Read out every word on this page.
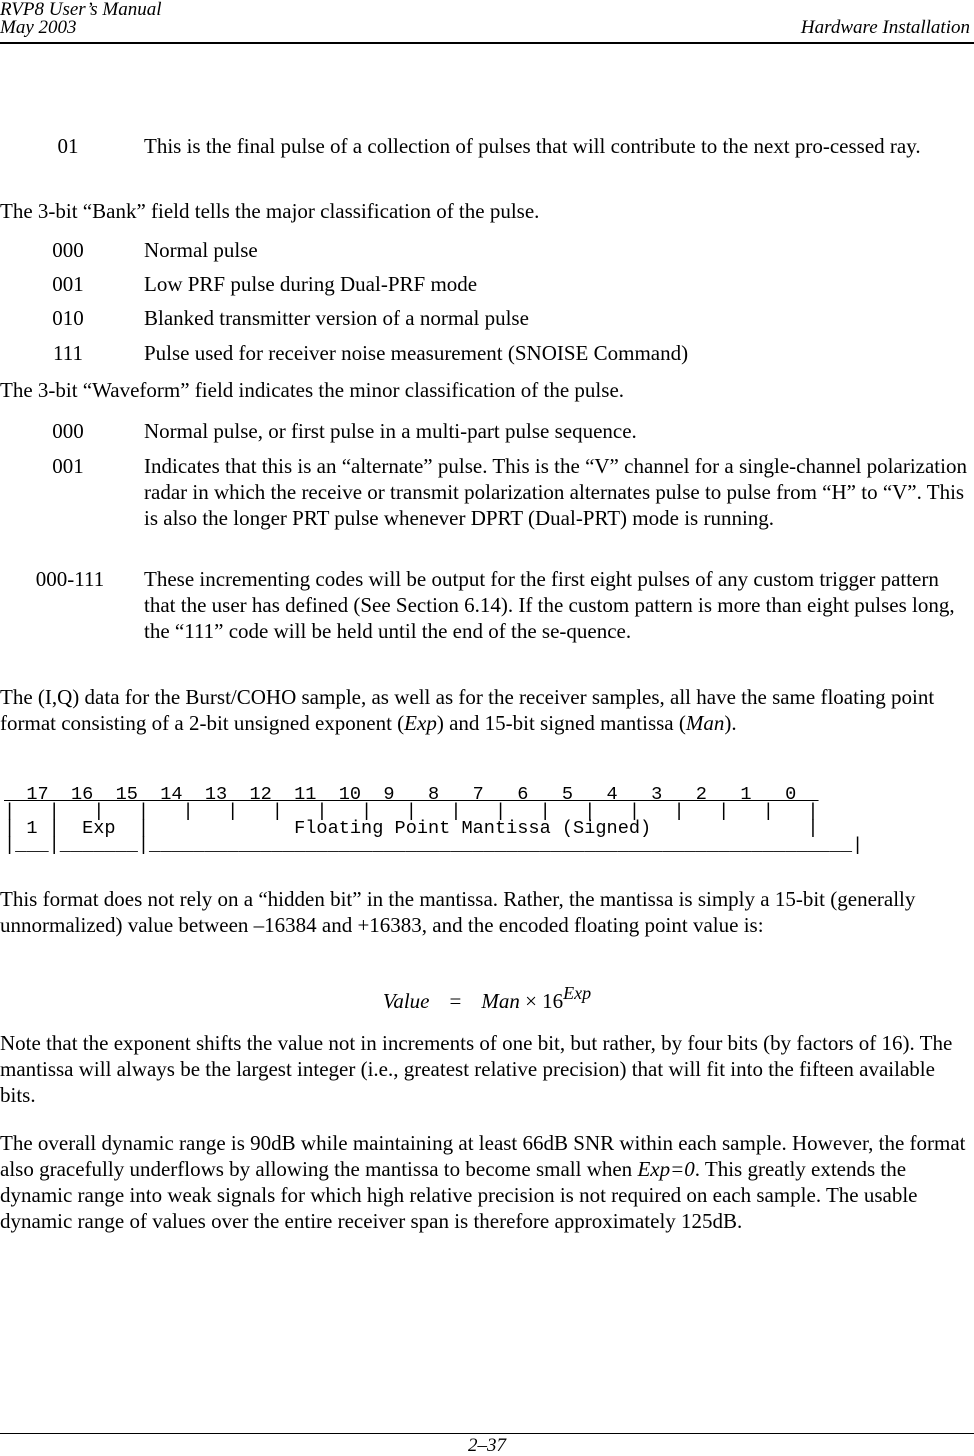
RVP8 User’s Manual
May 2003	Hardware Installation
01	This is the final pulse of a collection of pulses that will contribute to the next pro-cessed ray.
The 3-bit “Bank” field tells the major classification of the pulse.
000	Normal pulse
001	Low PRF pulse during Dual-PRF mode
010	Blanked transmitter version of a normal pulse
111	Pulse used for receiver noise measurement (SNOISE Command)
The 3-bit “Waveform” field indicates the minor classification of the pulse.
000	Normal pulse, or first pulse in a multi-part pulse sequence.
001	Indicates that this is an “alternate” pulse. This is the “V” channel for a single-channel polarization radar in which the receive or transmit polarization alternates pulse to pulse from “H” to “V”. This is also the longer PRT pulse whenever DPRT (Dual-PRT) mode is running.
000-111	These incrementing codes will be output for the first eight pulses of any custom trigger pattern that the user has defined (See Section 6.14). If the custom pattern is more than eight pulses long, the “111” code will be held until the end of the se-quence.
The (I,Q) data for the Burst/COHO sample, as well as for the receiver samples, all have the same floating point format consisting of a 2-bit unsigned exponent (Exp) and 15-bit signed mantissa (Man).
17  16  15  14  13  12  11  10  9   8   7   6   5   4   3   2   1   0
|   |   |   |   |   |   |   |   |   |   |   |   |   |   |   |   |   |   |
| 1 |  Exp  |             Floating Point Mantissa (Signed)              |
|___|_______|_______________________________________________________________|
This format does not rely on a “hidden bit” in the mantissa. Rather, the mantissa is simply a 15-bit (generally unnormalized) value between –16384 and +16383, and the encoded floating point value is:
Value = Man × $16^{Exp}$
Note that the exponent shifts the value not in increments of one bit, but rather, by four bits (by factors of 16). The mantissa will always be the largest integer (i.e., greatest relative precision) that will fit into the fifteen available bits.
The overall dynamic range is 90dB while maintaining at least 66dB SNR within each sample. However, the format also gracefully underflows by allowing the mantissa to become small when Exp=0. This greatly extends the dynamic range into weak signals for which high relative precision is not required on each sample. The usable dynamic range of values over the entire receiver span is therefore approximately 125dB.
2–37
